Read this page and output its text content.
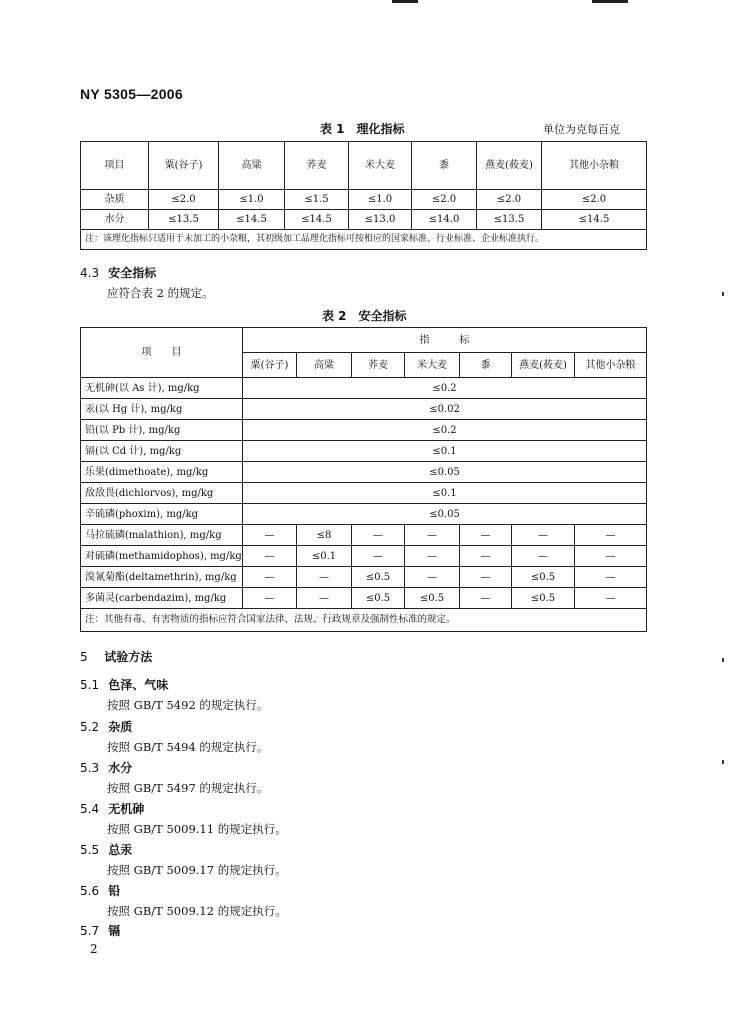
NY 5305—2006
表 1　理化指标	单位为克每百克
项目	粟(谷子)	高粱	荞麦	米大麦	黍	燕麦(莜麦)	其他小杂粮
杂质	≤2.0	≤1.0	≤1.5	≤1.0	≤2.0	≤2.0	≤2.0
水分	≤13.5	≤14.5	≤14.5	≤13.0	≤14.0	≤13.5	≤14.5
注：该理化指标只适用于未加工的小杂粮，其初级加工品理化指标可按相应的国家标准、行业标准、企业标准执行。							
4.3 安全指标
应符合表 2 的规定。
表 2　安全指标
项　　目	指　　　标						
	粟(谷子)	高粱	荞麦	米大麦	黍	燕麦(莜麦)	其他小杂粮
无机砷(以 As 计), mg/kg	≤0.2						
汞(以 Hg 计), mg/kg	≤0.02						
铅(以 Pb 计), mg/kg	≤0.2						
镉(以 Cd 计), mg/kg	≤0.1						
乐果(dimethoate), mg/kg	≤0.05						
敌敌畏(dichlorvos), mg/kg	≤0.1						
辛硫磷(phoxim), mg/kg	≤0.05						
马拉硫磷(malathion), mg/kg	—	≤8	—	—	—	—	—
对硫磷(methamidophos), mg/kg	—	≤0.1	—	—	—	—	—
溴氰菊酯(deltamethrin), mg/kg	—	—	≤0.5	—	—	≤0.5	—
多菌灵(carbendazim), mg/kg	—	—	≤0.5	≤0.5	—	≤0.5	—
注：其他有毒、有害物质的指标应符合国家法律、法规、行政规章及强制性标准的规定。							
5 试验方法
5.1 色泽、气味
按照 GB/T 5492 的规定执行。
5.2 杂质
按照 GB/T 5494 的规定执行。
5.3 水分
按照 GB/T 5497 的规定执行。
5.4 无机砷
按照 GB/T 5009.11 的规定执行。
5.5 总汞
按照 GB/T 5009.17 的规定执行。
5.6 铅
按照 GB/T 5009.12 的规定执行。
5.7 镉
2
